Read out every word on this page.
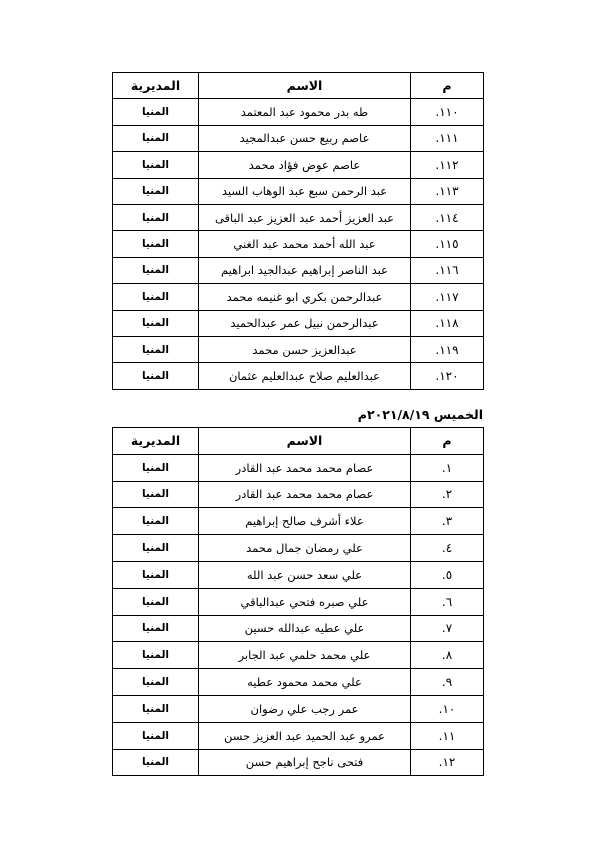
م	الاسم	المديرية
١١٠.	طه بدر محمود عبد المعتمد	المنيا
١١١.	عاصم ربيع حسن عبدالمجيد	المنيا
١١٢.	عاصم عوض فؤاد محمد	المنيا
١١٣.	عبد الرحمن سبع عبد الوهاب السيد	المنيا
١١٤.	عبد العزيز أحمد عبد العزيز عبد الباقى	المنيا
١١٥.	عبد الله أحمد محمد عبد الغني	المنيا
١١٦.	عبد الناصر إبراهيم عبدالجيد ابراهيم	المنيا
١١٧.	عبدالرحمن بكري ابو غنيمه محمد	المنيا
١١٨.	عبدالرحمن نبيل عمر عبدالحميد	المنيا
١١٩.	عبدالعزيز حسن محمد	المنيا
١٢٠.	عبدالعليم صلاح عبدالعليم عثمان	المنيا
الخميس ٢٠٢١/٨/١٩م
م	الاسم	المديرية
١.	عصام محمد محمد عبد القادر	المنيا
٢.	عصام محمد محمد عبد القادر	المنيا
٣.	علاء أشرف صالح إبراهيم	المنيا
٤.	علي رمضان جمال محمد	المنيا
٥.	علي سعد حسن عبد الله	المنيا
٦.	علي صبره فتحي عبدالباقي	المنيا
٧.	علي عطيه عبدالله حسين	المنيا
٨.	علي محمد حلمي عبد الجابر	المنيا
٩.	علي محمد محمود عطيه	المنيا
١٠.	عمر رجب علي رضوان	المنيا
١١.	عمرو عبد الحميد عبد العزيز حسن	المنيا
١٢.	فتحى ناجح إبراهيم حسن	المنيا
